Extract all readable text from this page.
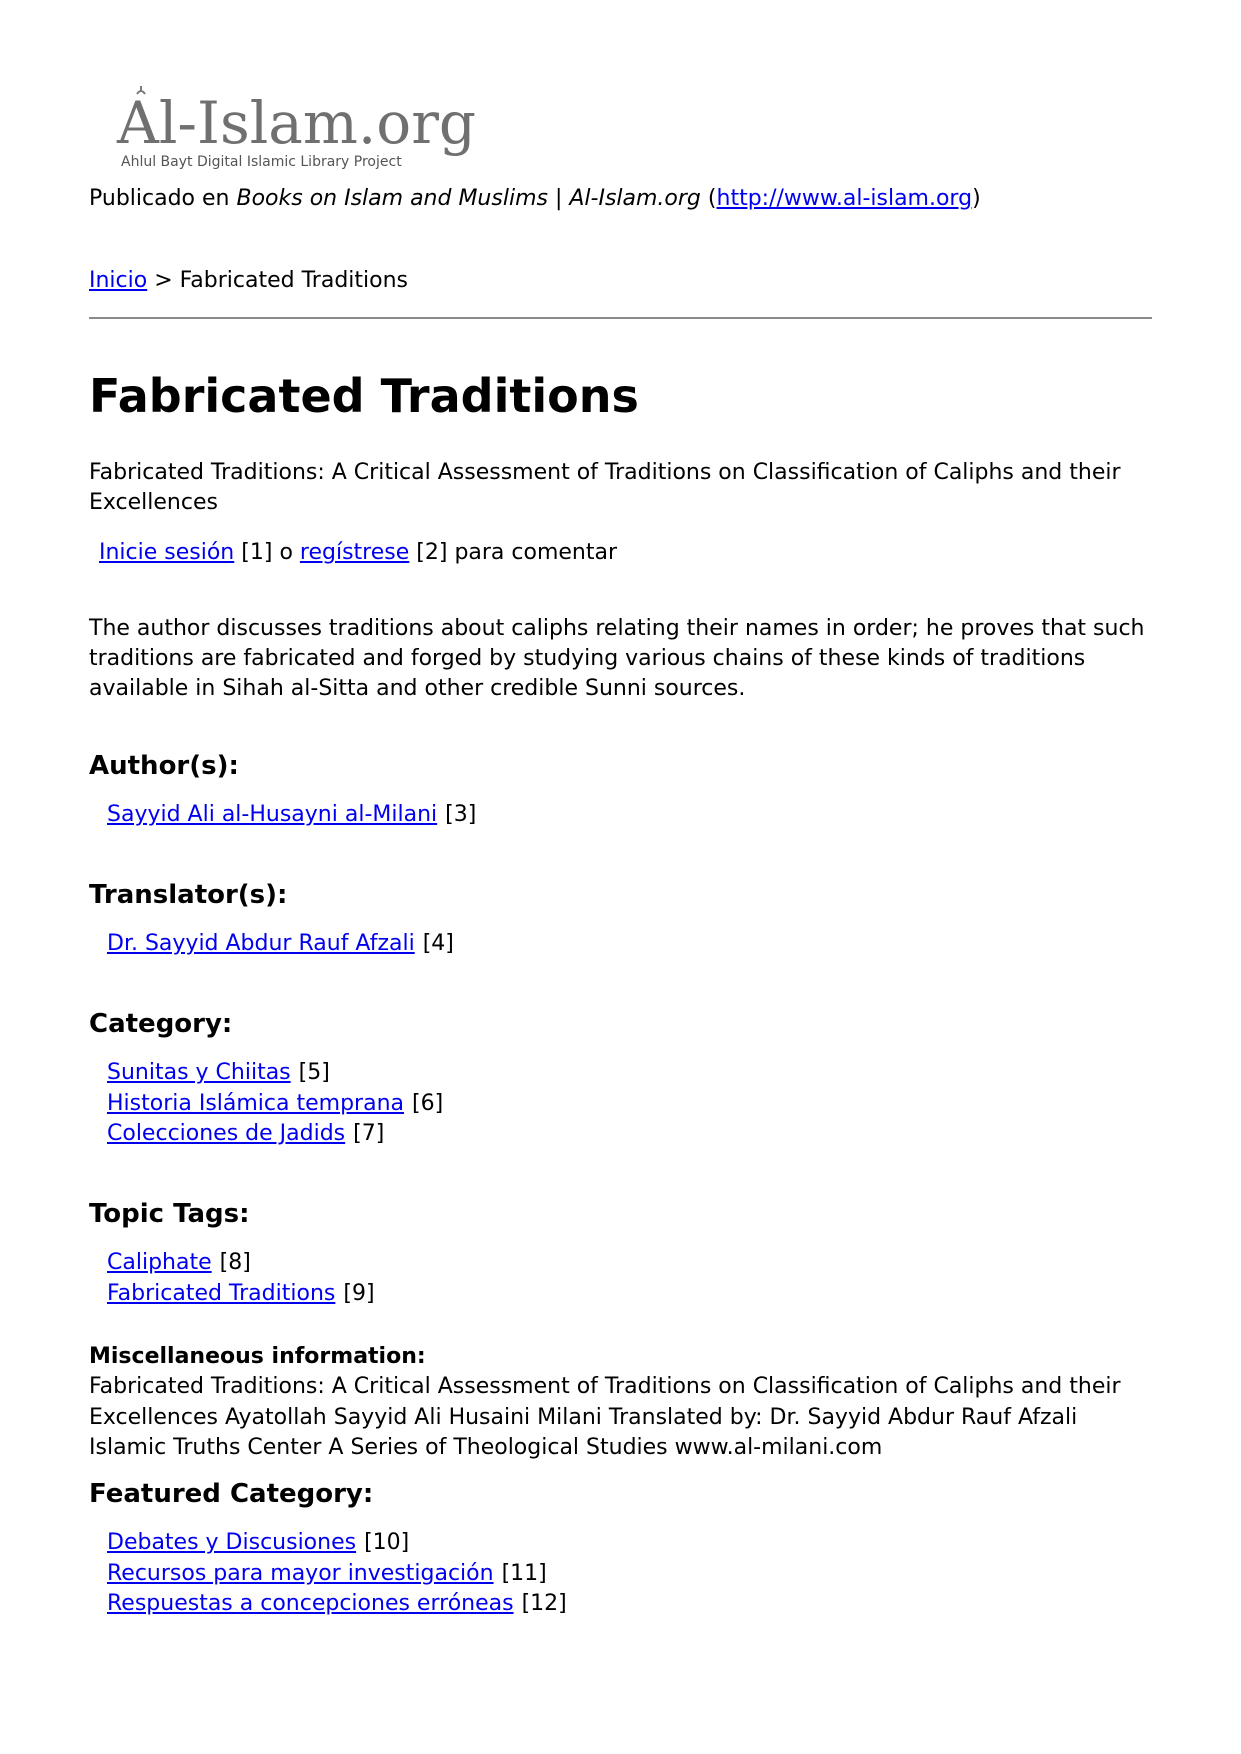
Al-Islam.org
Ahlul Bayt Digital Islamic Library Project
Publicado en Books on Islam and Muslims | Al-Islam.org (http://www.al-islam.org)
Inicio > Fabricated Traditions
Fabricated Traditions

Fabricated Traditions: A Critical Assessment of Traditions on Classification of Caliphs and their Excellences

Inicie sesión [1] o regístrese [2] para comentar

The author discusses traditions about caliphs relating their names in order; he proves that such traditions are fabricated and forged by studying various chains of these kinds of traditions available in Sihah al-Sitta and other credible Sunni sources.

Author(s):
Sayyid Ali al-Husayni al-Milani [3]
Translator(s):
Dr. Sayyid Abdur Rauf Afzali [4]
Category:
Sunitas y Chiitas [5]
Historia Islámica temprana [6]
Colecciones de Jadids [7]
Topic Tags:
Caliphate [8]
Fabricated Traditions [9]
Miscellaneous information:

Fabricated Traditions: A Critical Assessment of Traditions on Classification of Caliphs and their Excellences Ayatollah Sayyid Ali Husaini Milani Translated by: Dr. Sayyid Abdur Rauf Afzali Islamic Truths Center A Series of Theological Studies www.al-milani.com

Featured Category:
Debates y Discusiones [10]
Recursos para mayor investigación [11]
Respuestas a concepciones erróneas [12]
